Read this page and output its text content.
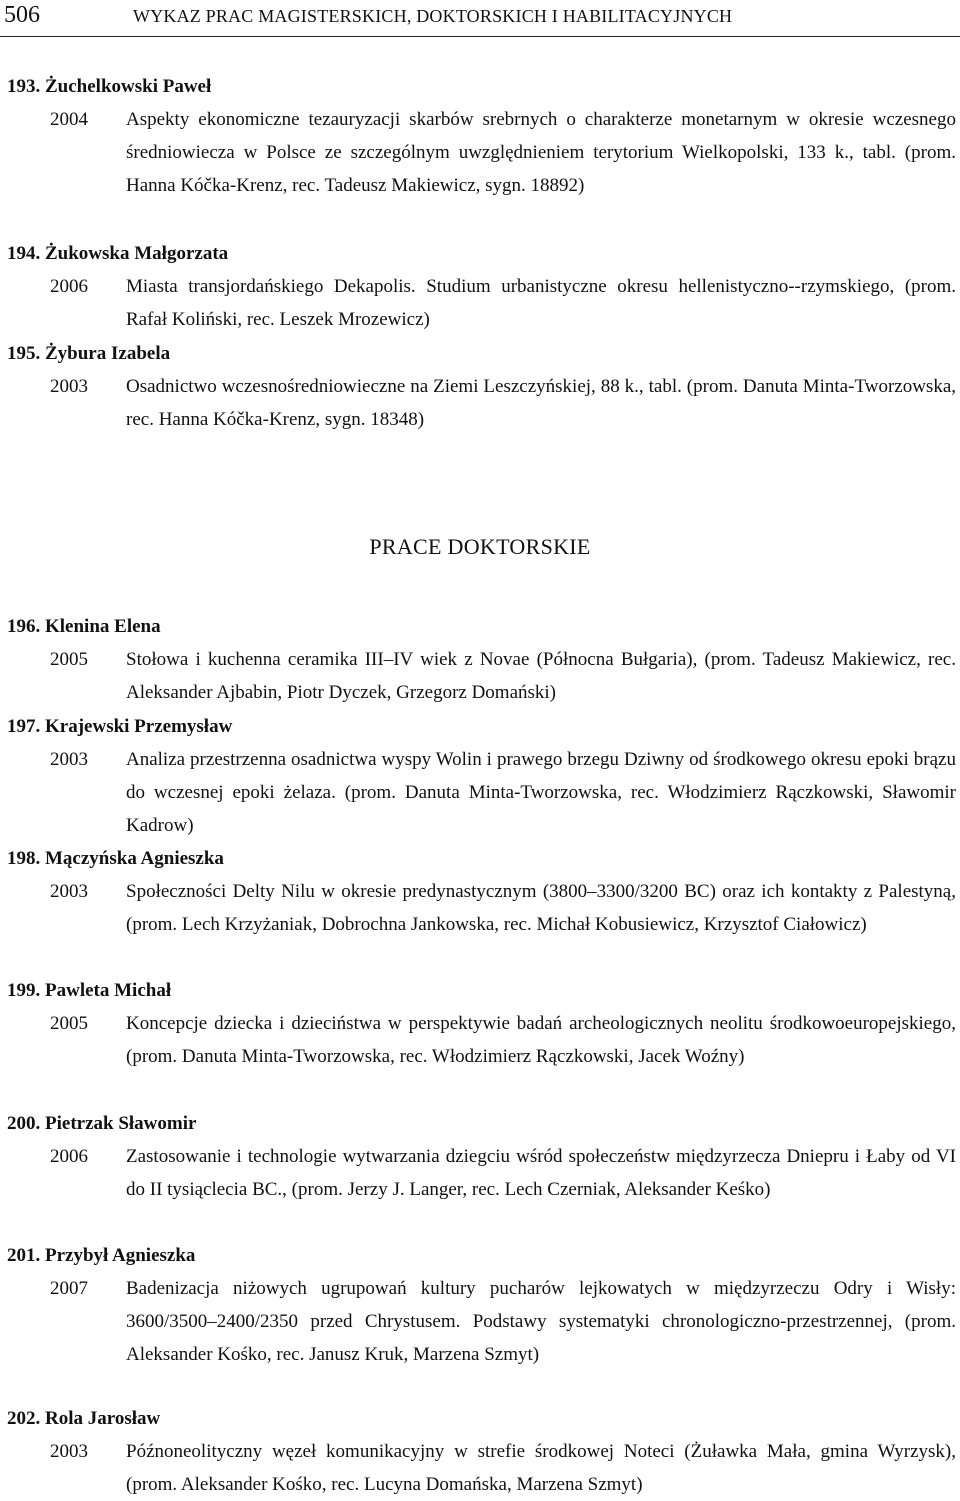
506	WYKAZ PRAC MAGISTERSKICH, DOKTORSKICH I HABILITACYJNYCH
193. Żuchelkowski Paweł
2004 Aspekty ekonomiczne tezauryzacji skarbów srebrnych o charakterze monetarnym w okresie wczesnego średniowiecza w Polsce ze szczególnym uwzględnieniem terytorium Wielkopolski, 133 k., tabl. (prom. Hanna Kóčka-Krenz, rec. Tadeusz Makiewicz, sygn. 18892)
194. Żukowska Małgorzata
2006 Miasta transjordańskiego Dekapolis. Studium urbanistyczne okresu hellenistyczno--rzymskiego, (prom. Rafał Koliński, rec. Leszek Mrozewicz)
195. Żybura Izabela
2003 Osadnictwo wczesnośredniowieczne na Ziemi Leszczyńskiej, 88 k., tabl. (prom. Danuta Minta-Tworzowska, rec. Hanna Kóčka-Krenz, sygn. 18348)
PRACE DOKTORSKIE
196. Klenina Elena
2005 Stołowa i kuchenna ceramika III–IV wiek z Novae (Północna Bułgaria), (prom. Tadeusz Makiewicz, rec. Aleksander Ajbabin, Piotr Dyczek, Grzegorz Domański)
197. Krajewski Przemysław
2003 Analiza przestrzenna osadnictwa wyspy Wolin i prawego brzegu Dziwny od środkowego okresu epoki brązu do wczesnej epoki żelaza. (prom. Danuta Minta-Tworzowska, rec. Włodzimierz Rączkowski, Sławomir Kadrow)
198. Mączyńska Agnieszka
2003 Społeczności Delty Nilu w okresie predynastycznym (3800–3300/3200 BC) oraz ich kontakty z Palestyną, (prom. Lech Krzyżaniak, Dobrochna Jankowska, rec. Michał Kobusiewicz, Krzysztof Ciałowicz)
199. Pawleta Michał
2005 Koncepcje dziecka i dzieciństwa w perspektywie badań archeologicznych neolitu środkowoeuropejskiego, (prom. Danuta Minta-Tworzowska, rec. Włodzimierz Rączkowski, Jacek Woźny)
200. Pietrzak Sławomir
2006 Zastosowanie i technologie wytwarzania dziegciu wśród społeczeństw międzyrzecza Dniepru i Łaby od VI do II tysiąclecia BC., (prom. Jerzy J. Langer, rec. Lech Czerniak, Aleksander Keśko)
201. Przybył Agnieszka
2007 Badenizacja niżowych ugrupowań kultury pucharów lejkowatych w międzyrzeczu Odry i Wisły: 3600/3500–2400/2350 przed Chrystusem. Podstawy systematyki chronologiczno-przestrzennej, (prom. Aleksander Kośko, rec. Janusz Kruk, Marzena Szmyt)
202. Rola Jarosław
2003 Późnoneolityczny węzeł komunikacyjny w strefie środkowej Noteci (Żuławka Mała, gmina Wyrzysk), (prom. Aleksander Kośko, rec. Lucyna Domańska, Marzena Szmyt)
